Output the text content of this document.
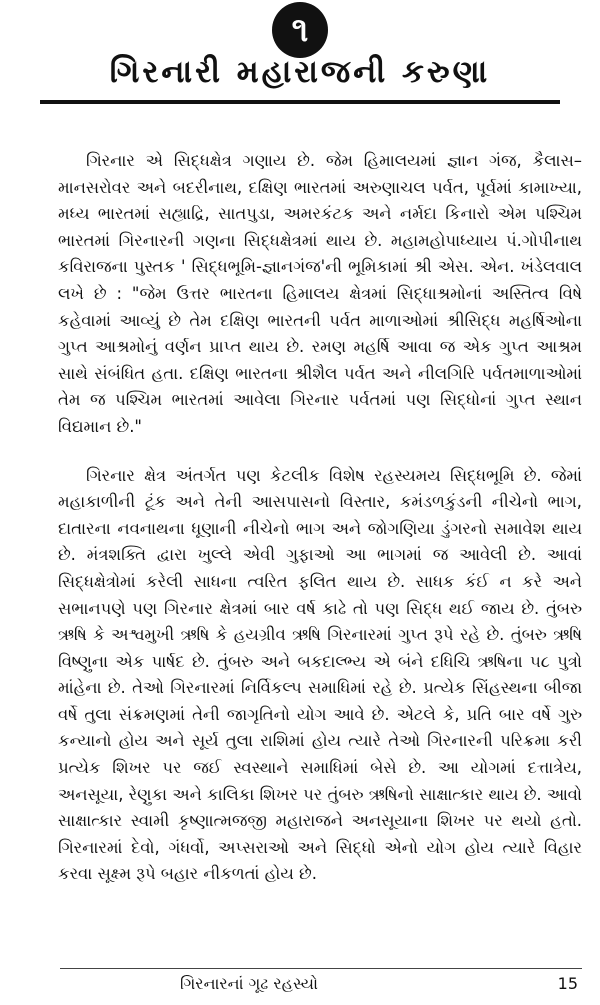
૧
ગિરનારી મહારાજની કરુણા

ગિરનાર એ સિદ્ધક્ષેત્ર ગણાય છે. જેમ હિમાલયમાં જ્ઞાન ગંજ, કૈલાસ–માનસરોવર અને બદરીનાથ, દક્ષિણ ભારતમાં અરુણાચલ પર્વત, પૂર્વમાં કામાખ્યા, મધ્ય ભારતમાં સહ્યાદ્રિ, સાતપુડા, અમરકંટક અને નર્મદા કિનારો એમ પશ્ચિમ ભારતમાં ગિરનારની ગણના સિદ્ધક્ષેત્રમાં થાય છે. મહામહોપાધ્યાય પં.ગોપીનાથ કવિરાજના પુસ્તક ' સિદ્ધભૂમિ-જ્ઞાનગંજ'ની ભૂમિકામાં શ્રી એસ. એન. ખંડેલવાલ લખે છે : "જેમ ઉત્તર ભારતના હિમાલય ક્ષેત્રમાં સિદ્ધાશ્રમોનાં અસ્તિત્વ વિષે કહેવામાં આવ્યું છે તેમ દક્ષિણ ભારતની પર્વત માળાઓમાં શ્રીસિદ્ધ મહર્ષિઓના ગુપ્ત આશ્રમોનું વર્ણન પ્રાપ્ત થાય છે. રમણ મહર્ષિ આવા જ એક ગુપ્ત આશ્રમ સાથે સંબંધિત હતા. દક્ષિણ ભારતના શ્રીશૈલ પર્વત અને નીલગિરિ પર્વતમાળાઓમાં તેમ જ પશ્ચિમ ભારતમાં આવેલા ગિરનાર પર્વતમાં પણ સિદ્ધોનાં ગુપ્ત સ્થાન વિદ્યમાન છે."

ગિરનાર ક્ષેત્ર અંતર્ગત પણ કેટલીક વિશેષ રહસ્યમય સિદ્ધભૂમિ છે. જેમાં મહાકાળીની ટૂંક અને તેની આસપાસનો વિસ્તાર, કમંડળકુંડની નીચેનો ભાગ, દાતારના નવનાથના ધૂણાની નીચેનો ભાગ અને જોગણિયા ડુંગરનો સમાવેશ થાય છે. મંત્રશક્તિ દ્વારા ખુલ્લે એવી ગુફાઓ આ ભાગમાં જ આવેલી છે. આવાં સિદ્ધક્ષેત્રોમાં કરેલી સાધના ત્વરિત ફલિત થાય છે. સાધક કંઈ ન કરે અને સભાનપણે પણ ગિરનાર ક્ષેત્રમાં બાર વર્ષ કાઢે તો પણ સિદ્ધ થઈ જાય છે. તુંબરુ ઋષિ કે અશ્વમુખી ઋષિ કે હયગ્રીવ ઋષિ ગિરનારમાં ગુપ્ત રૂપે રહે છે. તુંબરુ ઋષિ વિષ્ણુના એક પાર્ષદ છે. તુંબરુ અને બકદાલ્ભ્ય એ બંને દધિચિ ઋષિના ૫૮ પુત્રો માંહેના છે. તેઓ ગિરનારમાં નિર્વિકલ્પ સમાધિમાં રહે છે. પ્રત્યેક સિંહસ્થના બીજા વર્ષે તુલા સંક્રમણમાં તેની જાગૃતિનો યોગ આવે છે. એટલે કે, પ્રતિ બાર વર્ષે ગુરુ કન્યાનો હોય અને સૂર્ય તુલા રાશિમાં હોય ત્યારે તેઓ ગિરનારની પરિક્રમા કરી પ્રત્યેક શિખર પર જઈ સ્વસ્થાને સમાધિમાં બેસે છે. આ યોગમાં દત્તાત્રેય, અનસૂયા, રેણુકા અને કાલિકા શિખર પર તુંબરુ ઋષિનો સાક્ષાત્કાર થાય છે. આવો સાક્ષાત્કાર સ્વામી કૃષ્ણાત્મજજી મહારાજને અનસૂયાના શિખર પર થયો હતો. ગિરનારમાં દેવો, ગંધર્વો, અપ્સરાઓ અને સિદ્ધો એનો યોગ હોય ત્યારે વિહાર કરવા સૂક્ષ્મ રૂપે બહાર નીકળતાં હોય છે.

ગિરનારનાં ગૂઢ રહસ્યો	15
